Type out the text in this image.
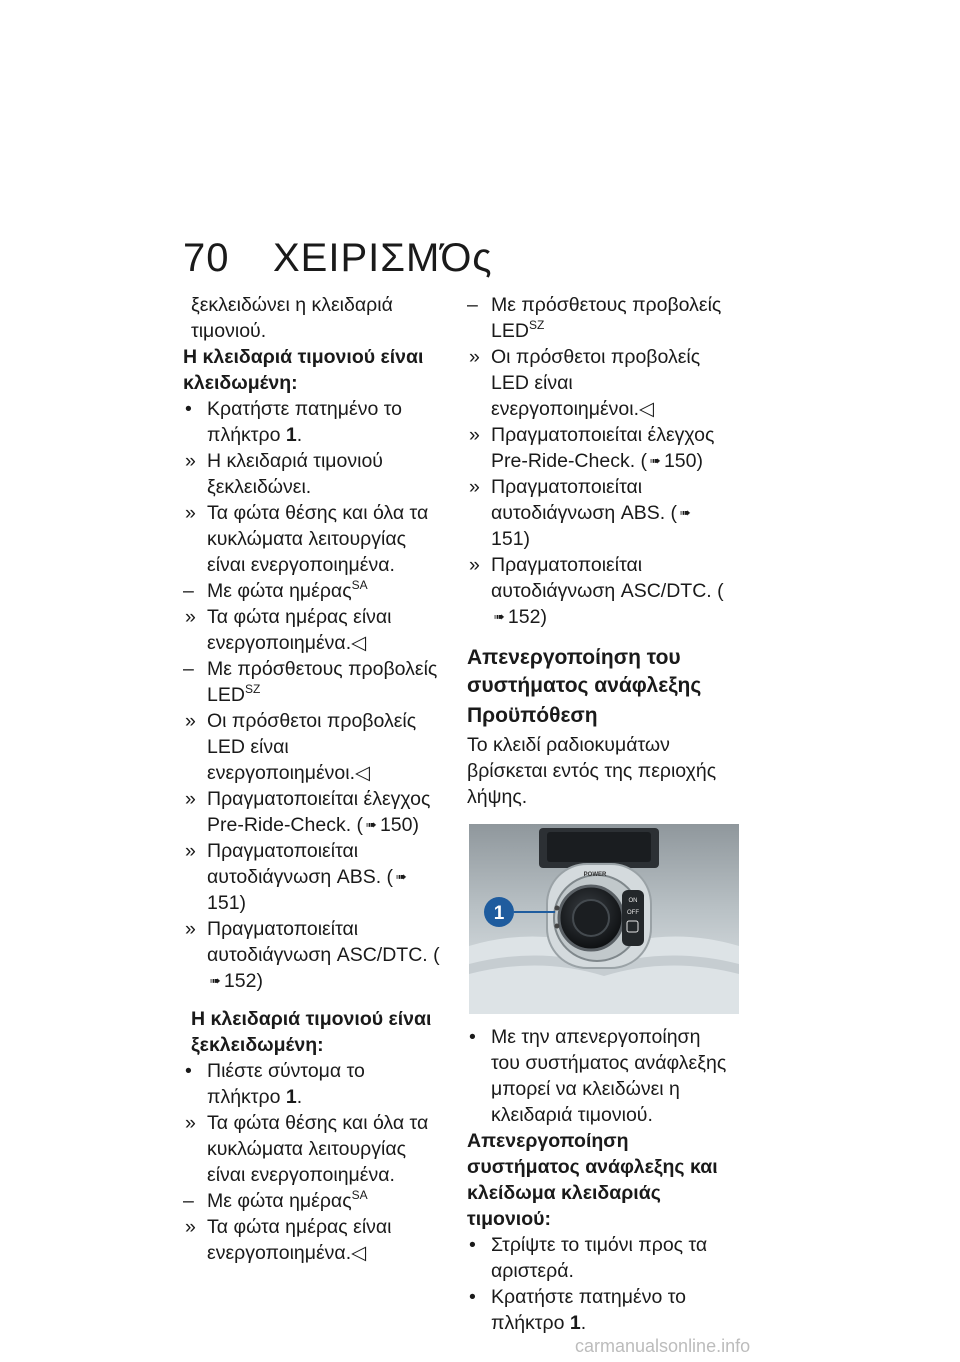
70 ΧΕΙΡΙΣΜΌς

ξεκλειδώνει η κλειδαριά τιμονιού.

Η κλειδαριά τιμονιού είναι κλειδωμένη:

• Κρατήστε πατημένο το πλήκτρο 1.

» Η κλειδαριά τιμονιού ξεκλειδώνει.

» Τα φώτα θέσης και όλα τα κυκλώματα λειτουργίας είναι ενεργοποιημένα.

– Με φώτα ημέρας$^{SA}$

» Τα φώτα ημέρας είναι ενεργοποιημένα.◁

– Με πρόσθετους προβολείς $LED^{SZ}$

» Οι πρόσθετοι προβολείς LED είναι ενεργοποιημένοι.◁

» Πραγματοποιείται έλεγχος Pre-Ride-Check. ( ➠ 150)

» Πραγματοποιείται αυτοδιάγνωση ABS. ( ➠151)

» Πραγματοποιείται αυτοδιάγνωση ASC/DTC. (➠ 152)

Η κλειδαριά τιμονιού είναι ξεκλειδωμένη:

• Πιέστε σύντομα το πλήκτρο 1.

» Τα φώτα θέσης και όλα τα κυκλώματα λειτουργίας είναι ενεργοποιημένα.

– Με φώτα ημέρας$^{SA}$

» Τα φώτα ημέρας είναι ενεργοποιημένα.◁

– Με πρόσθετους προβολείς $LED^{SZ}$

» Οι πρόσθετοι προβολείς LED είναι ενεργοποιημένοι.◁

» Πραγματοποιείται έλεγχος Pre-Ride-Check. ( ➠ 150)

» Πραγματοποιείται αυτοδιάγνωση ABS. ( ➠151)

» Πραγματοποιείται αυτοδιάγνωση ASC/DTC. (➠ 152)

Απενεργοποίηση του συστήματος ανάφλεξης

Προϋπόθεση

Το κλειδί ραδιοκυμάτων βρίσκεται εντός της περιοχής λήψης.

ON
OFF
POWER
1

• Με την απενεργοποίηση του συστήματος ανάφλεξης μπορεί να κλειδώνει η κλειδαριά τιμονιού.

Απενεργοποίηση συστήματος ανάφλεξης και κλείδωμα κλειδαριάς τιμονιού:

• Στρίψτε το τιμόνι προς τα αριστερά.

• Κρατήστε πατημένο το πλήκτρο 1.

carmanualsonline.info
